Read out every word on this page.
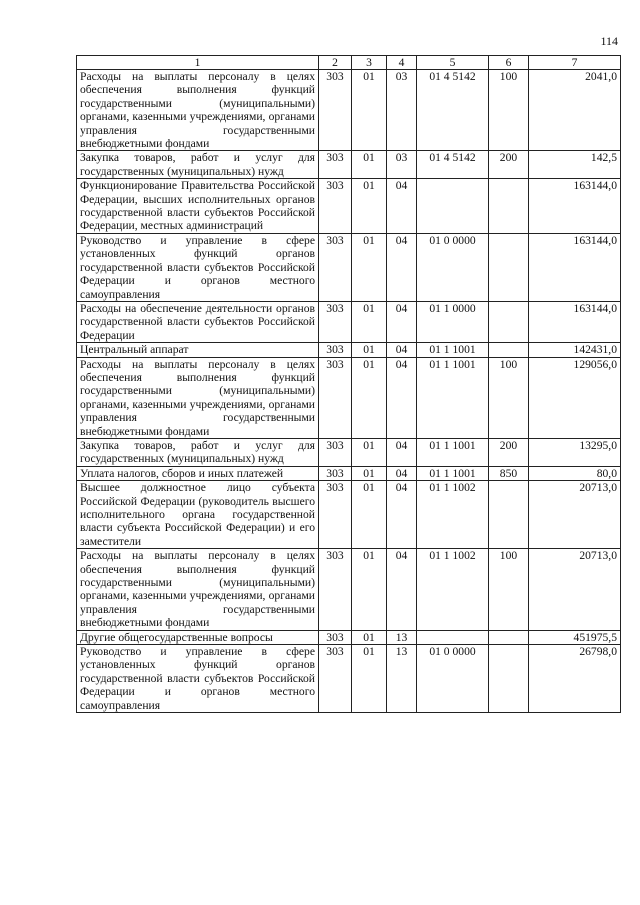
114
1	2	3	4	5	6	7
Расходы на выплаты персоналу в целях обеспечения выполнения функций государственными (муниципальными) органами, казенными учреждениями, органами управления государственными внебюджетными фондами	303	01	03	01 4 5142	100	2041,0
Закупка товаров, работ и услуг для государственных (муниципальных) нужд	303	01	03	01 4 5142	200	142,5
Функционирование Правительства Российской Федерации, высших исполнительных органов государственной власти субъектов Российской Федерации, местных администраций	303	01	04			163144,0
Руководство и управление в сфере установленных функций органов государственной власти субъектов Российской Федерации и органов местного самоуправления	303	01	04	01 0 0000		163144,0
Расходы на обеспечение деятельности органов государственной власти субъектов Российской Федерации	303	01	04	01 1 0000		163144,0
Центральный аппарат	303	01	04	01 1 1001		142431,0
Расходы на выплаты персоналу в целях обеспечения выполнения функций государственными (муниципальными) органами, казенными учреждениями, органами управления государственными внебюджетными фондами	303	01	04	01 1 1001	100	129056,0
Закупка товаров, работ и услуг для государственных (муниципальных) нужд	303	01	04	01 1 1001	200	13295,0
Уплата налогов, сборов и иных платежей	303	01	04	01 1 1001	850	80,0
Высшее должностное лицо субъекта Российской Федерации (руководитель высшего исполнительного органа государственной власти субъекта Российской Федерации) и его заместители	303	01	04	01 1 1002		20713,0
Расходы на выплаты персоналу в целях обеспечения выполнения функций государственными (муниципальными) органами, казенными учреждениями, органами управления государственными внебюджетными фондами	303	01	04	01 1 1002	100	20713,0
Другие общегосударственные вопросы	303	01	13			451975,5
Руководство и управление в сфере установленных функций органов государственной власти субъектов Российской Федерации и органов местного самоуправления	303	01	13	01 0 0000		26798,0
